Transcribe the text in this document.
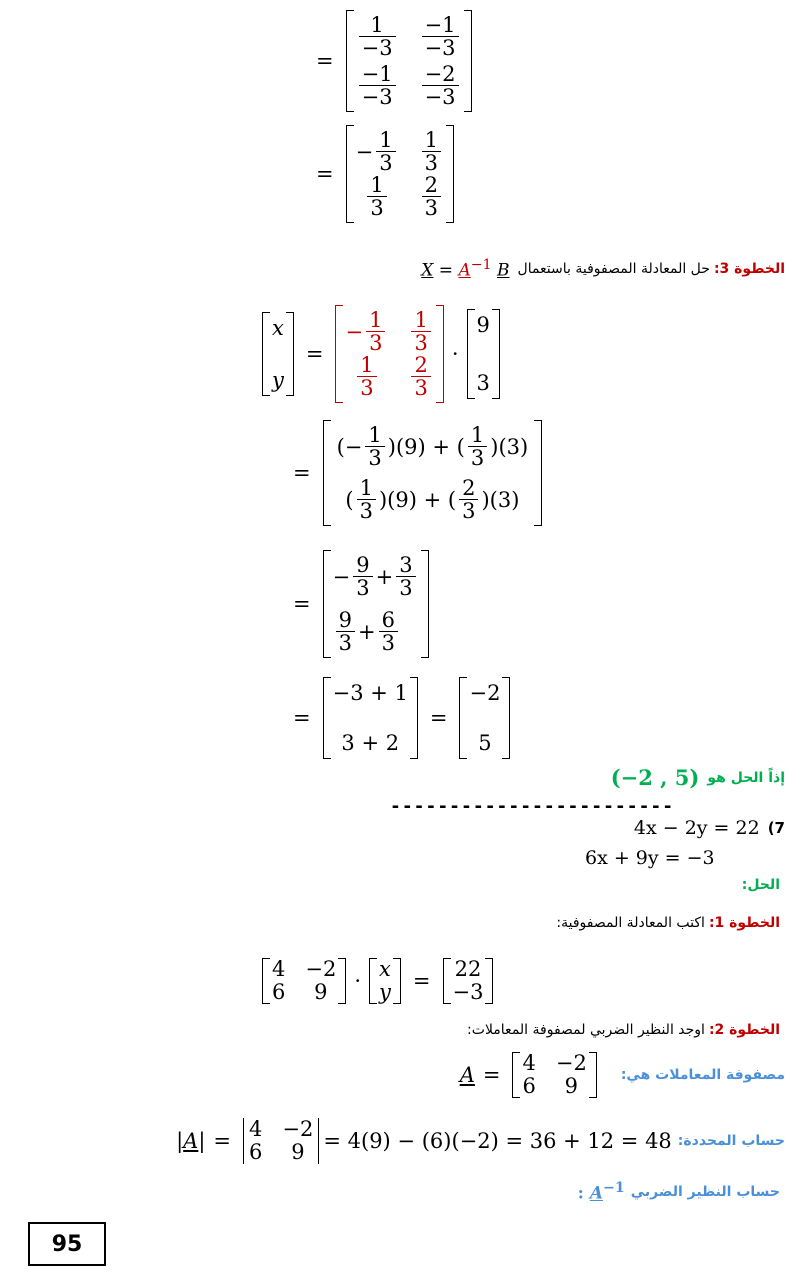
=
$\frac{1}{-3} \frac{-1}{-3}$
$\frac{-1}{-3} \frac{-2}{-3}$
=
− $\frac{1}{3} \frac{1}{3}$
$\frac{1}{3} \frac{2}{3}$
$X = A^{-1}$ B حل المعادلة المصفوفية باستعمال الخطوة 3:
x
y
=
− $\frac{1}{3} \frac{1}{3}$
$\frac{1}{3} \frac{2}{3}$ ·
9
3
=
(− $\frac{1}{3} )(9)$ + ( $\frac{1}{3} )(3)$
( $\frac{1}{3} )(9)$ + ( $\frac{2}{3} )(3)$
=
− $\frac{9}{3} + \frac{3}{3}$
$\frac{9}{3} + \frac{6}{3}$
=
−3 + 1
3 + 2
=
−2
5
(−2 , 5) إذاً الحل هو
------------------------
4x − 2y = 22 (7
6x + 9y = −3
الحل:
اكتب المعادلة المصفوفية: الخطوة 1:
4 −2
6 9 ·
x
y =
22
−3
اوجد النظير الضربي لمصفوفة المعاملات: الخطوة 2:
A =
4 −2
6 9	مصفوفة المعاملات هي:
|A| =
4 −2
6 9 = 4(9) − (6)(−2) = 36 + 12 = 48 حساب المحددة:
: $A^{-1}$ حساب النظير الضربي
95
